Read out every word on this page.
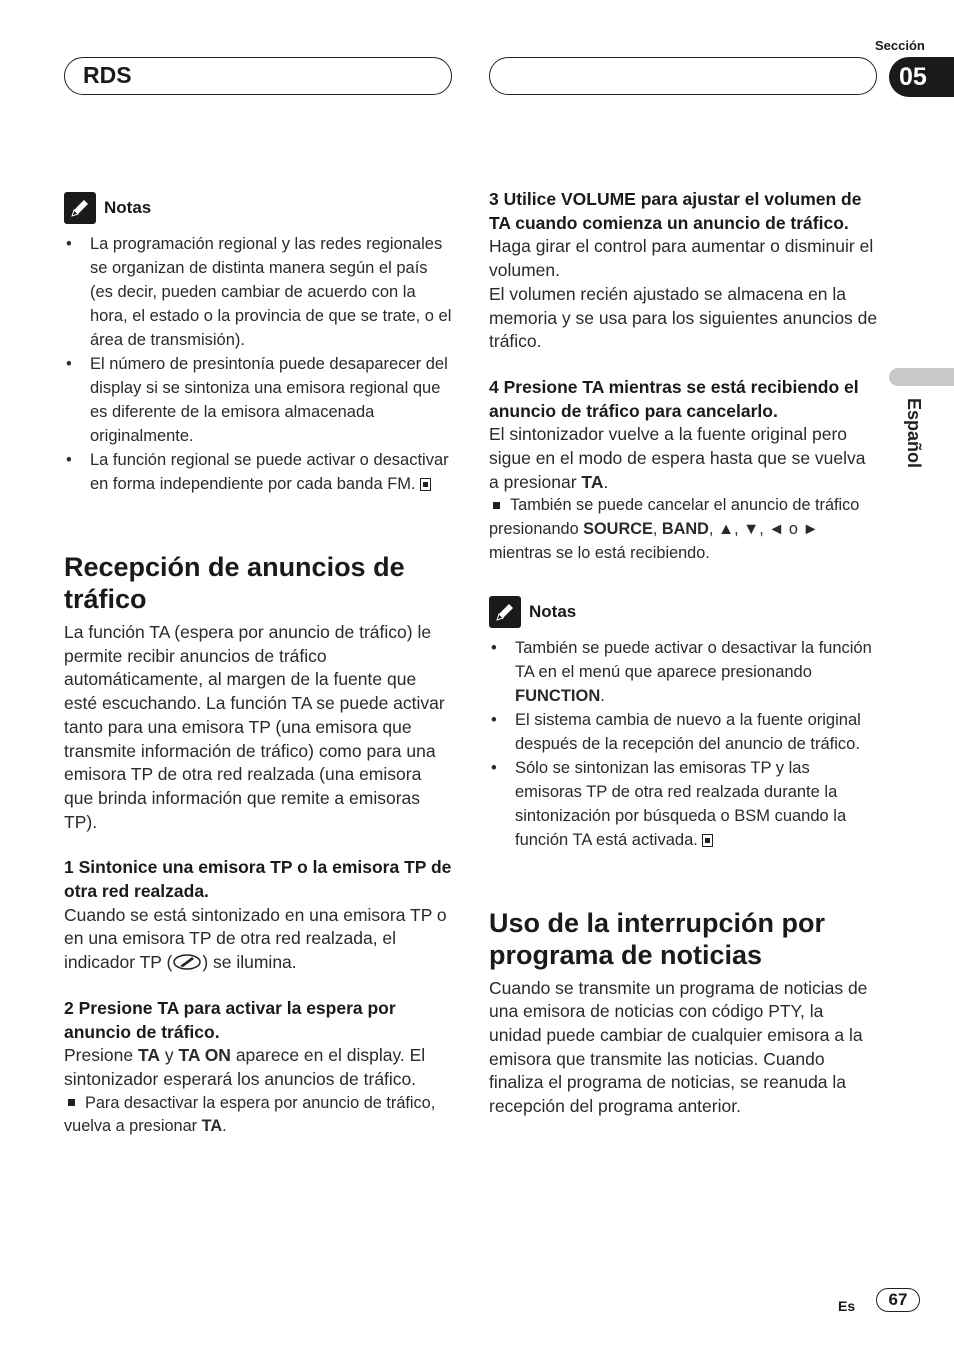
RDS
Sección
05
Español
Notas
• La programación regional y las redes regionales se organizan de distinta manera según el país (es decir, pueden cambiar de acuerdo con la hora, el estado o la provincia de que se trate, o el área de transmisión).
• El número de presintonía puede desaparecer del display si se sintoniza una emisora regional que es diferente de la emisora almacenada originalmente.
• La función regional se puede activar o desactivar en forma independiente por cada banda FM.
Recepción de anuncios de tráfico

La función TA (espera por anuncio de tráfico) le permite recibir anuncios de tráfico automáticamente, al margen de la fuente que esté escuchando. La función TA se puede activar tanto para una emisora TP (una emisora que transmite información de tráfico) como para una emisora TP de otra red realzada (una emisora que brinda información que remite a emisoras TP).

1 Sintonice una emisora TP o la emisora TP de otra red realzada.

Cuando se está sintonizado en una emisora TP o en una emisora TP de otra red realzada, el indicador TP ( ) se ilumina.

2 Presione TA para activar la espera por anuncio de tráfico.

Presione TA y TA ON aparece en el display. El sintonizador esperará los anuncios de tráfico.

Para desactivar la espera por anuncio de tráfico, vuelva a presionar TA.
3 Utilice VOLUME para ajustar el volumen de TA cuando comienza un anuncio de tráfico.

Haga girar el control para aumentar o disminuir el volumen.

El volumen recién ajustado se almacena en la memoria y se usa para los siguientes anuncios de tráfico.

4 Presione TA mientras se está recibiendo el anuncio de tráfico para cancelarlo.

El sintonizador vuelve a la fuente original pero sigue en el modo de espera hasta que se vuelva a presionar TA.

También se puede cancelar el anuncio de tráfico presionando SOURCE, BAND, ▲, ▼, ◄ o ► mientras se lo está recibiendo.
Notas
• También se puede activar o desactivar la función TA en el menú que aparece presionando FUNCTION.
• El sistema cambia de nuevo a la fuente original después de la recepción del anuncio de tráfico.
• Sólo se sintonizan las emisoras TP y las emisoras TP de otra red realzada durante la sintonización por búsqueda o BSM cuando la función TA está activada.
Uso de la interrupción por programa de noticias

Cuando se transmite un programa de noticias de una emisora de noticias con código PTY, la unidad puede cambiar de cualquier emisora a la emisora que transmite las noticias. Cuando finaliza el programa de noticias, se reanuda la recepción del programa anterior.

Es	67
